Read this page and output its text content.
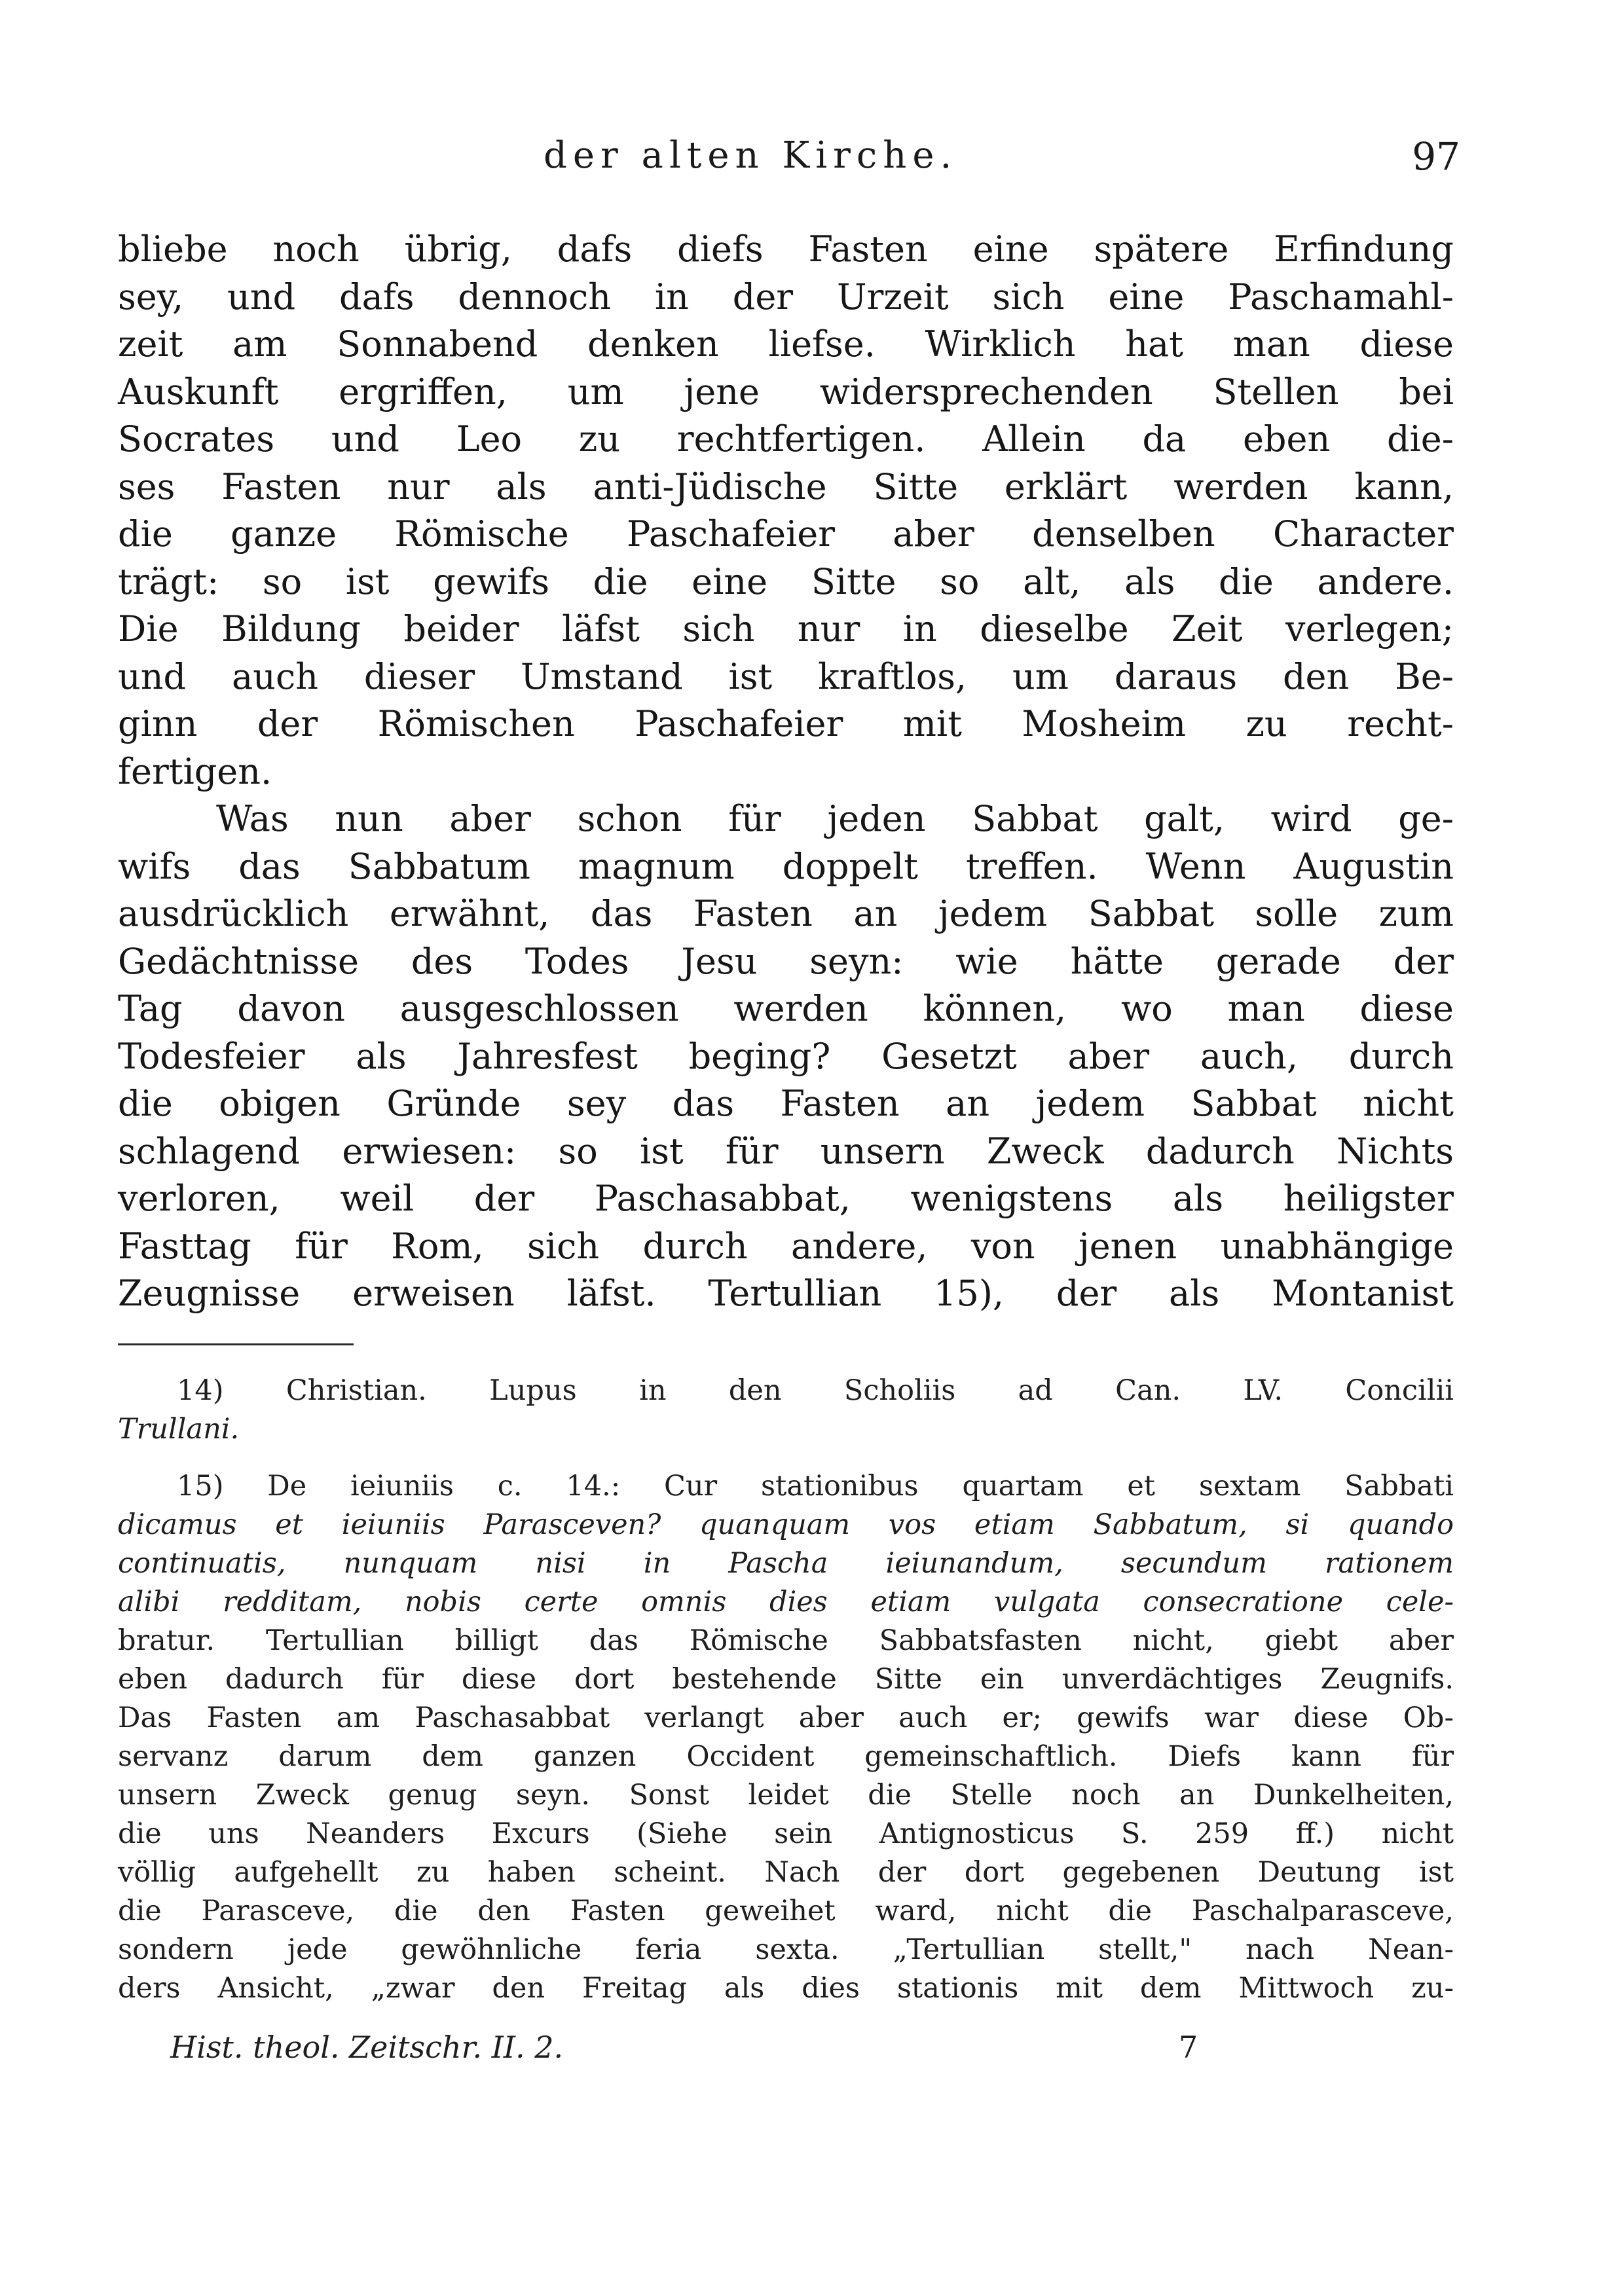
der alten Kirche.	97
bliebe noch übrig, dafs diefs Fasten eine spätere Erfindung
sey, und dafs dennoch in der Urzeit sich eine Paschamahl-
zeit am Sonnabend denken liefse. Wirklich hat man diese
Auskunft ergriffen, um jene widersprechenden Stellen bei
Socrates und Leo zu rechtfertigen. Allein da eben die-
ses Fasten nur als anti-Jüdische Sitte erklärt werden kann,
die ganze Römische Paschafeier aber denselben Character
trägt: so ist gewifs die eine Sitte so alt, als die andere.
Die Bildung beider läfst sich nur in dieselbe Zeit verlegen;
und auch dieser Umstand ist kraftlos, um daraus den Be-
ginn der Römischen Paschafeier mit Mosheim zu recht-
fertigen.
Was nun aber schon für jeden Sabbat galt, wird ge-
wifs das Sabbatum magnum doppelt treffen. Wenn Augustin
ausdrücklich erwähnt, das Fasten an jedem Sabbat solle zum
Gedächtnisse des Todes Jesu seyn: wie hätte gerade der
Tag davon ausgeschlossen werden können, wo man diese
Todesfeier als Jahresfest beging? Gesetzt aber auch, durch
die obigen Gründe sey das Fasten an jedem Sabbat nicht
schlagend erwiesen: so ist für unsern Zweck dadurch Nichts
verloren, weil der Paschasabbat, wenigstens als heiligster
Fasttag für Rom, sich durch andere, von jenen unabhängige
Zeugnisse erweisen läfst. Tertullian 15), der als Montanist
14) Christian. Lupus in den Scholiis ad Can. LV. Concilii
Trullani.
15) De ieiuniis c. 14.: Cur stationibus quartam et sextam Sabbati
dicamus et ieiuniis Parasceven? quanquam vos etiam Sabbatum, si quando
continuatis, nunquam nisi in Pascha ieiunandum, secundum rationem
alibi redditam, nobis certe omnis dies etiam vulgata consecratione cele-
bratur. Tertullian billigt das Römische Sabbatsfasten nicht, giebt aber
eben dadurch für diese dort bestehende Sitte ein unverdächtiges Zeugnifs.
Das Fasten am Paschasabbat verlangt aber auch er; gewifs war diese Ob-
servanz darum dem ganzen Occident gemeinschaftlich. Diefs kann für
unsern Zweck genug seyn. Sonst leidet die Stelle noch an Dunkelheiten,
die uns Neanders Excurs (Siehe sein Antignosticus S. 259 ff.) nicht
völlig aufgehellt zu haben scheint. Nach der dort gegebenen Deutung ist
die Parasceve, die den Fasten geweihet ward, nicht die Paschalparasceve,
sondern jede gewöhnliche feria sexta. „Tertullian stellt," nach Nean-
ders Ansicht, „zwar den Freitag als dies stationis mit dem Mittwoch zu-
Hist. theol. Zeitschr. II. 2.	7
